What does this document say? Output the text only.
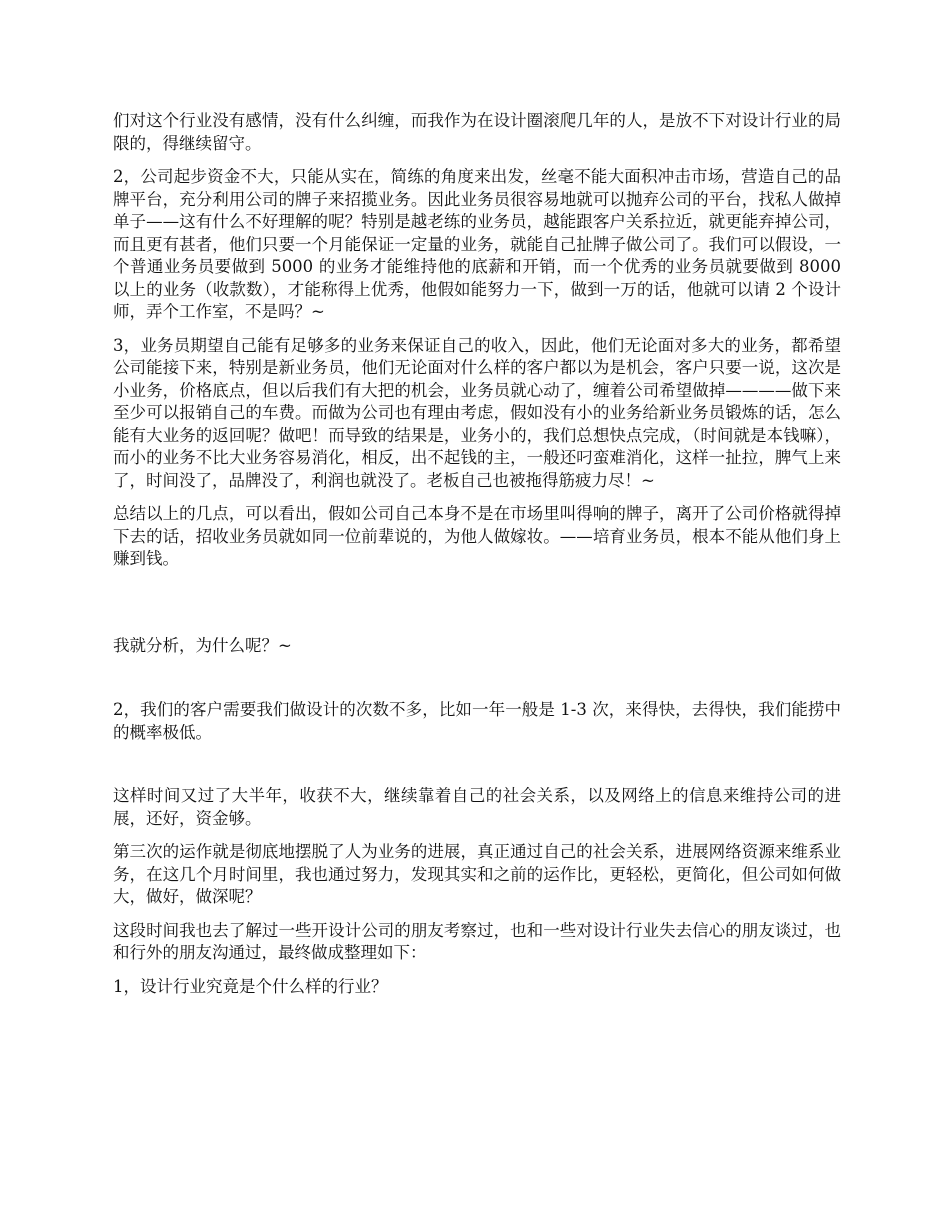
们对这个行业没有感情，没有什么纠缠，而我作为在设计圈滚爬几年的人，是放不下对设计行业的局限的，得继续留守。

2，公司起步资金不大，只能从实在，简练的角度来出发，丝毫不能大面积冲击市场，营造自己的品牌平台，充分利用公司的牌子来招揽业务。因此业务员很容易地就可以抛弃公司的平台，找私人做掉单子——这有什么不好理解的呢？特别是越老练的业务员，越能跟客户关系拉近，就更能弃掉公司，而且更有甚者，他们只要一个月能保证一定量的业务，就能自己扯牌子做公司了。我们可以假设，一个普通业务员要做到 5000 的业务才能维持他的底薪和开销，而一个优秀的业务员就要做到 8000 以上的业务（收款数），才能称得上优秀，他假如能努力一下，做到一万的话，他就可以请 2 个设计师，弄个工作室，不是吗？~

3，业务员期望自己能有足够多的业务来保证自己的收入，因此，他们无论面对多大的业务，都希望公司能接下来，特别是新业务员，他们无论面对什么样的客户都以为是机会，客户只要一说，这次是小业务，价格底点，但以后我们有大把的机会，业务员就心动了，缠着公司希望做掉————做下来至少可以报销自己的车费。而做为公司也有理由考虑，假如没有小的业务给新业务员锻炼的话，怎么能有大业务的返回呢？做吧！而导致的结果是，业务小的，我们总想快点完成，（时间就是本钱嘛），而小的业务不比大业务容易消化，相反，出不起钱的主，一般还叼蛮难消化，这样一扯拉，脾气上来了，时间没了，品牌没了，利润也就没了。老板自己也被拖得筋疲力尽！~

总结以上的几点，可以看出，假如公司自己本身不是在市场里叫得响的牌子，离开了公司价格就得掉下去的话，招收业务员就如同一位前辈说的，为他人做嫁妆。——培育业务员，根本不能从他们身上赚到钱。

我就分析，为什么呢？~

2，我们的客户需要我们做设计的次数不多，比如一年一般是 1-3 次，来得快，去得快，我们能捞中的概率极低。

这样时间又过了大半年，收获不大，继续靠着自己的社会关系，以及网络上的信息来维持公司的进展，还好，资金够。

第三次的运作就是彻底地摆脱了人为业务的进展，真正通过自己的社会关系，进展网络资源来维系业务，在这几个月时间里，我也通过努力，发现其实和之前的运作比，更轻松，更简化，但公司如何做大，做好，做深呢？

这段时间我也去了解过一些开设计公司的朋友考察过，也和一些对设计行业失去信心的朋友谈过，也和行外的朋友沟通过，最终做成整理如下：

1，设计行业究竟是个什么样的行业？
